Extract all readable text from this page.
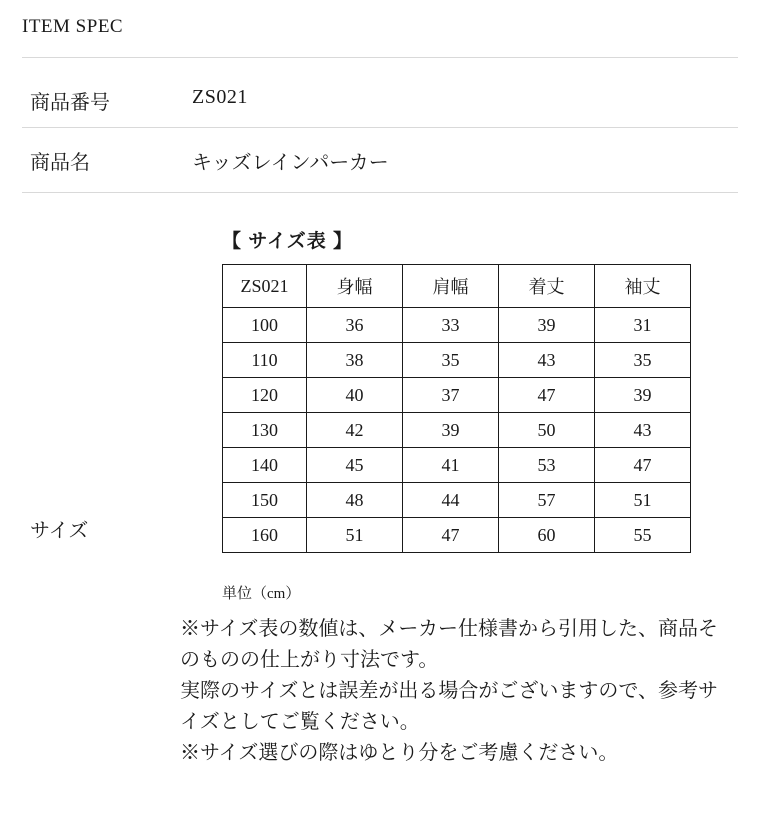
ITEM SPEC
商品番号	ZS021
商品名	キッズレインパーカー
サイズ
【 サイズ表 】
ZS021	身幅	肩幅	着丈	袖丈
100	36	33	39	31
110	38	35	43	35
120	40	37	47	39
130	42	39	50	43
140	45	41	53	47
150	48	44	57	51
160	51	47	60	55
単位（cm）

※サイズ表の数値は、メーカー仕様書から引用した、商品そのものの仕上がり寸法です。

実際のサイズとは誤差が出る場合がございますので、参考サイズとしてご覧ください。

※サイズ選びの際はゆとり分をご考慮ください。
